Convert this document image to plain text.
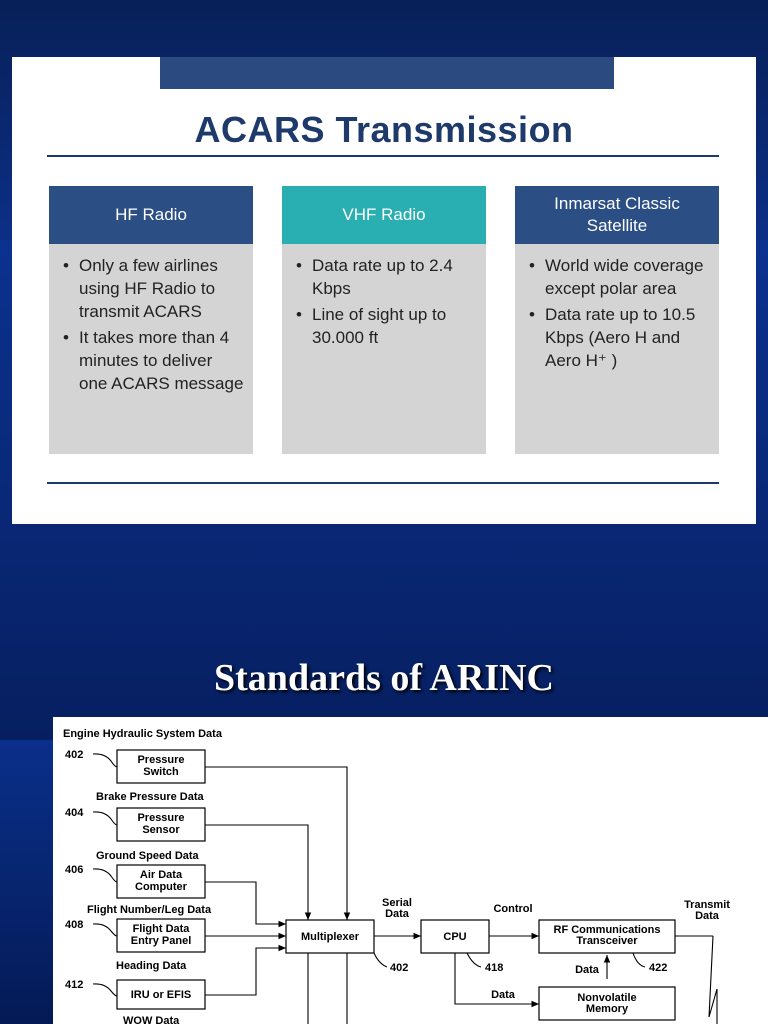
ACARS Transmission
HF Radio
• Only a few airlines using HF Radio to transmit ACARS
• It takes more than 4 minutes to deliver one ACARS message
VHF Radio
• Data rate up to 2.4 Kbps
• Line of sight up to 30.000 ft
Inmarsat Classic
Satellite
• World wide coverage except polar area
• Data rate up to 10.5 Kbps (Aero H and Aero H⁺ )
Standards of ARINC
Engine Hydraulic System Data
Brake Pressure Data
Ground Speed Data
Flight Number/Leg Data
Heading Data
WOW Data
402
404
406
408
412
Pressure
Switch
Pressure
Sensor
Air Data
Computer
Flight Data
Entry Panel
IRU or EFIS
Multiplexer
Serial
Data
402
CPU
Control
418
RF Communications
Transceiver
Transmit
Data
422
Data
Data	Nonvolatile
Memory
